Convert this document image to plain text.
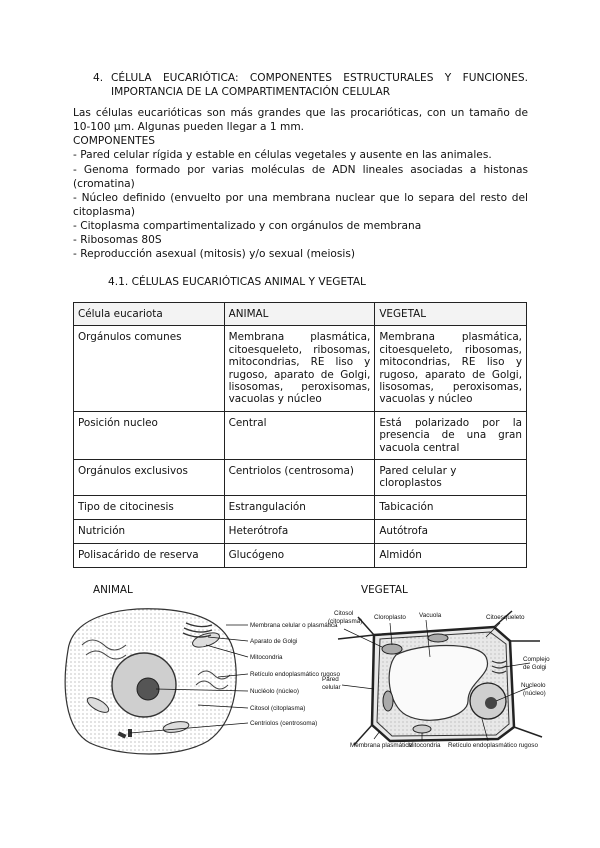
4. CÉLULA EUCARIÓTICA: COMPONENTES ESTRUCTURALES Y FUNCIONES.
IMPORTANCIA DE LA COMPARTIMENTACIÓN CELULAR
Las células eucarióticas son más grandes que las procarióticas, con un tamaño de 10-100 µm. Algunas pueden llegar a 1 mm.
COMPONENTES
- Pared celular rígida y estable en células vegetales y ausente en las animales.
- Genoma formado por varias moléculas de ADN lineales asociadas a histonas (cromatina)
- Núcleo definido (envuelto por una membrana nuclear que lo separa del resto del citoplasma)
- Citoplasma compartimentalizado y con orgánulos de membrana
- Ribosomas 80S
- Reproducción asexual (mitosis) y/o sexual (meiosis)
4.1. CÉLULAS EUCARIÓTICAS ANIMAL Y VEGETAL
Célula eucariota	ANIMAL	VEGETAL
Orgánulos comunes	Membrana plasmática, citoesqueleto, ribosomas, mitocondrias, RE liso y rugoso, aparato de Golgi, lisosomas, peroxisomas, vacuolas y núcleo	Membrana plasmática, citoesqueleto, ribosomas, mitocondrias, RE liso y rugoso, aparato de Golgi, lisosomas, peroxisomas, vacuolas y núcleo
Posición nucleo	Central	Está polarizado por la presencia de una gran vacuola central
Orgánulos exclusivos	Centriolos (centrosoma)	Pared celular y cloroplastos
Tipo de citocinesis	Estrangulación	Tabicación
Nutrición	Heterótrofa	Autótrofa
Polisacárido de reserva	Glucógeno	Almidón
ANIMAL	VEGETAL
Membrana celular o plasmática
Aparato de Golgi
Mitocondria
Retículo endoplasmático rugoso
Nucléolo (núcleo)
Citosol (citoplasma)
Centriolos (centrosoma)
Citosol
(citoplasma)
Cloroplasto Vacuola	Citoesqueleto
Complejo
de Golgi
Nucleolo
(núcleo)
Pared
celular
Membrana plasmática
Mitocondria Retículo endoplasmático rugoso
